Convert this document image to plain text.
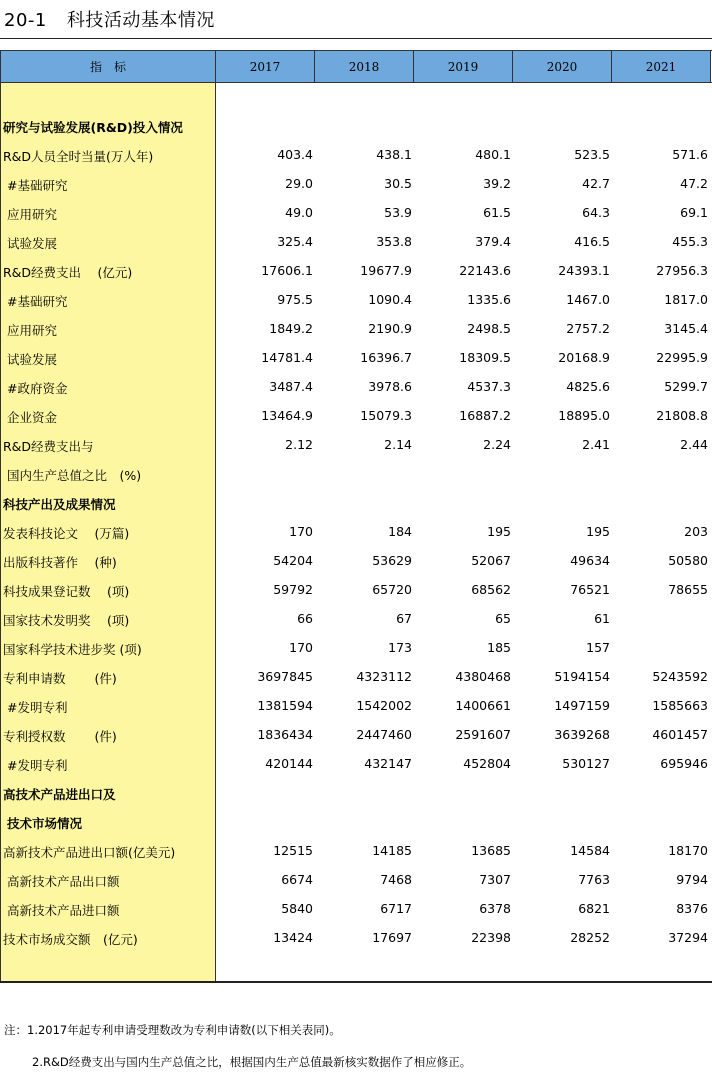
20-1 科技活动基本情况
指　标	2017	2018	2019	2020	2021
研究与试验发展(R&D)投入情况
R&D人员全时当量(万人年)	403.4	438.1	480.1	523.5	571.6
#基础研究	29.0	30.5	39.2	42.7	47.2
应用研究	49.0	53.9	61.5	64.3	69.1
试验发展	325.4	353.8	379.4	416.5	455.3
R&D经费支出　 (亿元)	17606.1	19677.9	22143.6	24393.1	27956.3
#基础研究	975.5	1090.4	1335.6	1467.0	1817.0
应用研究	1849.2	2190.9	2498.5	2757.2	3145.4
试验发展	14781.4	16396.7	18309.5	20168.9	22995.9
#政府资金	3487.4	3978.6	4537.3	4825.6	5299.7
企业资金	13464.9	15079.3	16887.2	18895.0	21808.8
R&D经费支出与	2.12	2.14	2.24	2.41	2.44
国内生产总值之比　(%)
科技产出及成果情况
发表科技论文　 (万篇)	170	184	195	195	203
出版科技著作　 (种)	54204	53629	52067	49634	50580
科技成果登记数　 (项)	59792	65720	68562	76521	78655
国家技术发明奖　 (项)	66	67	65	61
国家科学技术进步奖 (项)	170	173	185	157
专利申请数　　 (件)	3697845	4323112	4380468	5194154	5243592
#发明专利	1381594	1542002	1400661	1497159	1585663
专利授权数　　 (件)	1836434	2447460	2591607	3639268	4601457
#发明专利	420144	432147	452804	530127	695946
高技术产品进出口及
技术市场情况
高新技术产品进出口额(亿美元)	12515	14185	13685	14584	18170
高新技术产品出口额	6674	7468	7307	7763	9794
高新技术产品进口额	5840	6717	6378	6821	8376
技术市场成交额　(亿元)	13424	17697	22398	28252	37294
注：1.2017年起专利申请受理数改为专利申请数(以下相关表同)。
2.R&D经费支出与国内生产总值之比，根据国内生产总值最新核实数据作了相应修正。
